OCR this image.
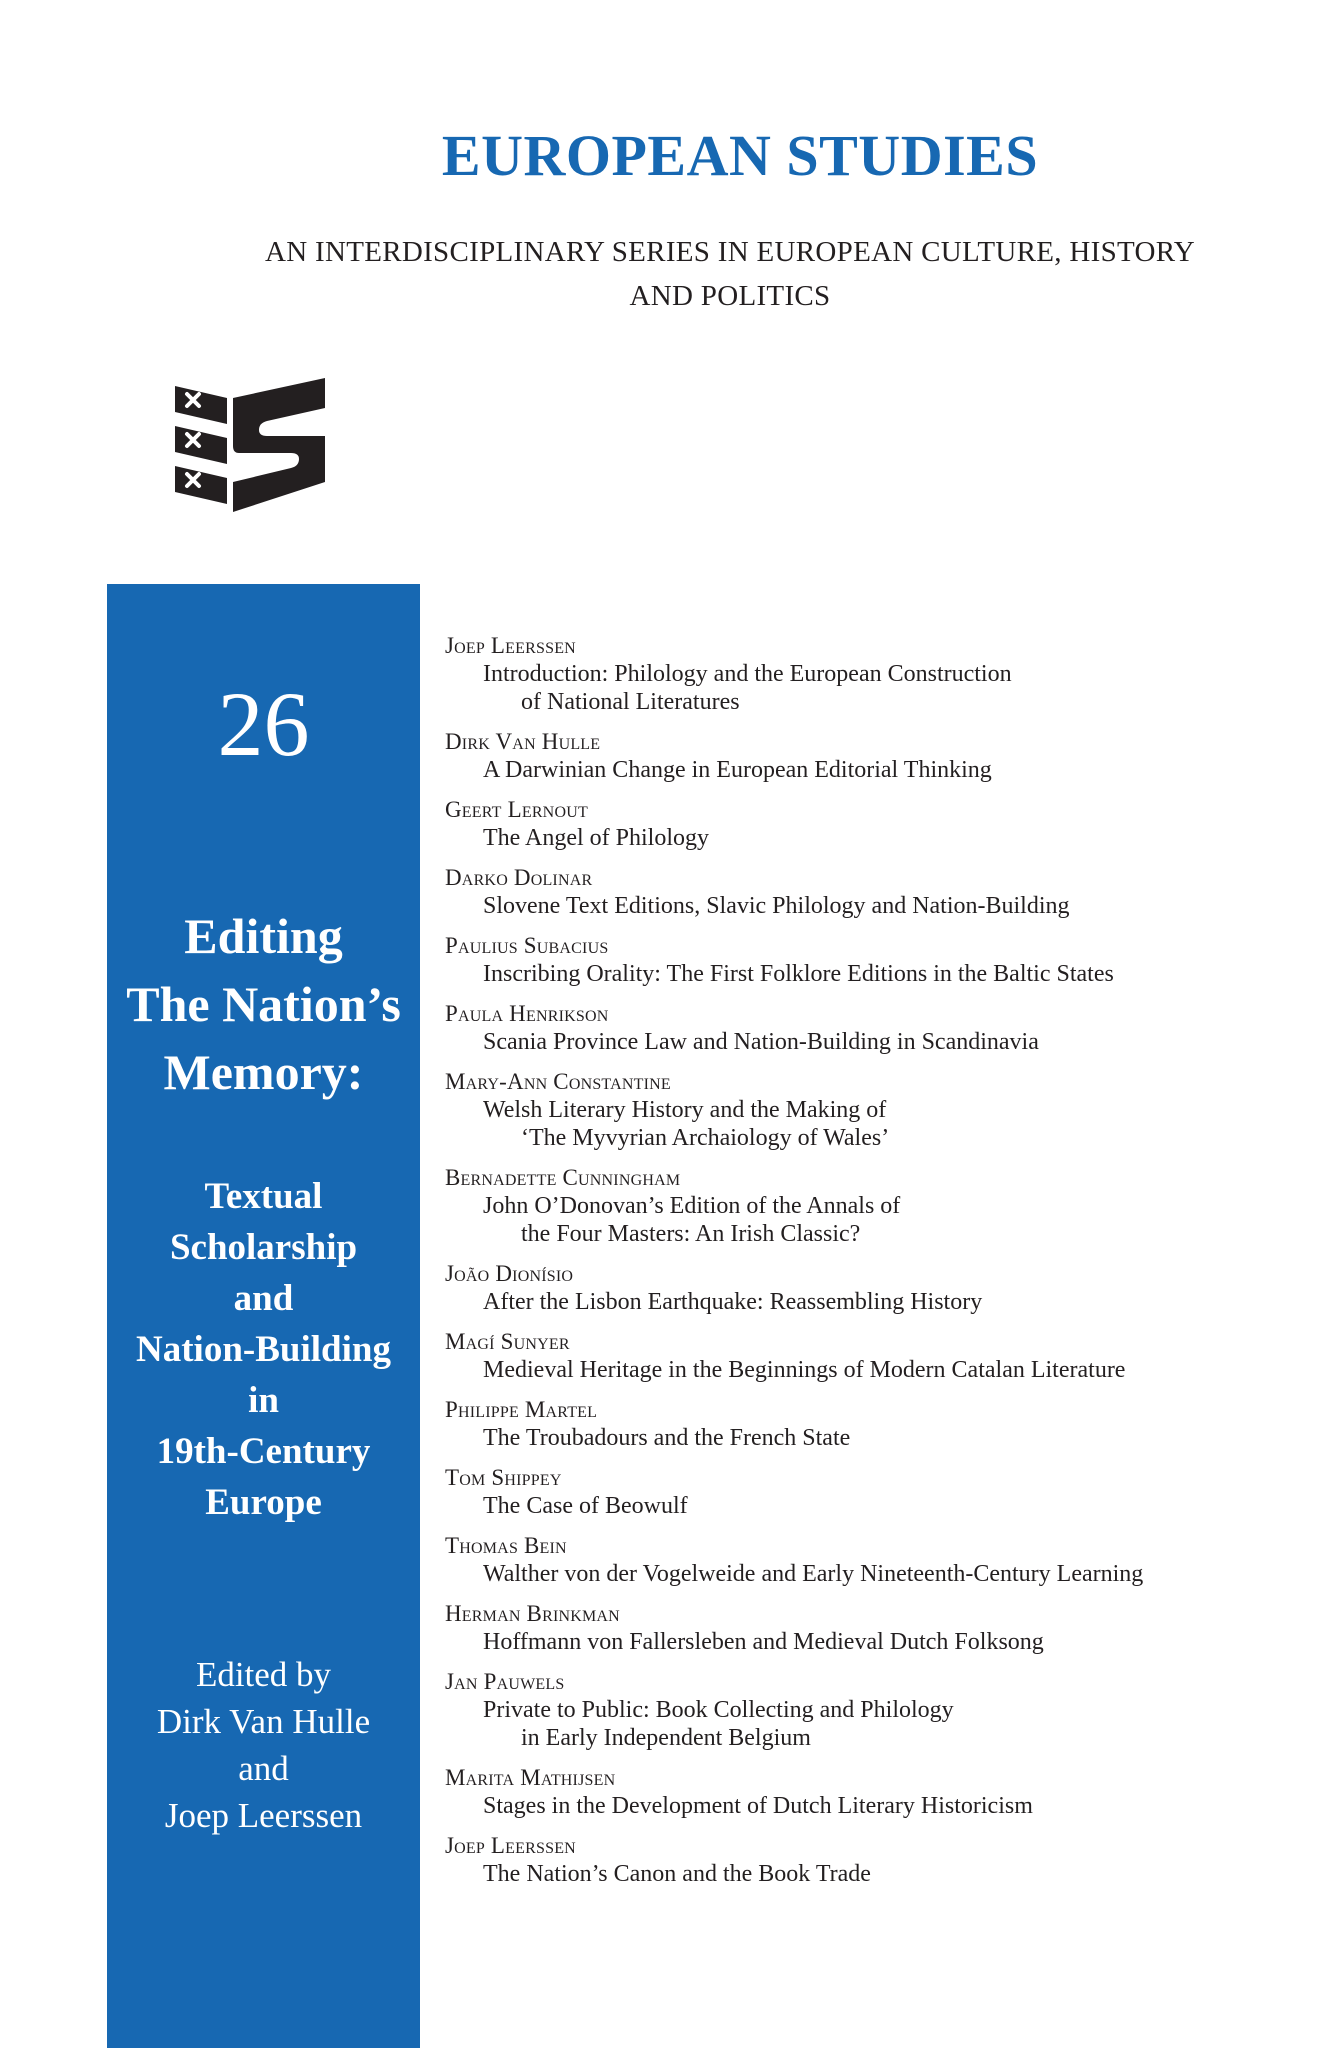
EUROPEAN STUDIES
AN INTERDISCIPLINARY SERIES IN EUROPEAN CULTURE, HISTORY
AND POLITICS
26
Editing
The Nation’s
Memory:
Textual
Scholarship
and
Nation-Building
in
19th-Century
Europe
Edited by
Dirk Van Hulle
and
Joep Leerssen
Joep Leerssen
Introduction: Philology and the European Construction
of National Literatures
Dirk Van Hulle
A Darwinian Change in European Editorial Thinking
Geert Lernout
The Angel of Philology
Darko Dolinar
Slovene Text Editions, Slavic Philology and Nation-Building
Paulius Subacius
Inscribing Orality: The First Folklore Editions in the Baltic States
Paula Henrikson
Scania Province Law and Nation-Building in Scandinavia
Mary-Ann Constantine
Welsh Literary History and the Making of
‘The Myvyrian Archaiology of Wales’
Bernadette Cunningham
John O’Donovan’s Edition of the Annals of
the Four Masters: An Irish Classic?
João Dionísio
After the Lisbon Earthquake: Reassembling History
Magí Sunyer
Medieval Heritage in the Beginnings of Modern Catalan Literature
Philippe Martel
The Troubadours and the French State
Tom Shippey
The Case of Beowulf
Thomas Bein
Walther von der Vogelweide and Early Nineteenth-Century Learning
Herman Brinkman
Hoffmann von Fallersleben and Medieval Dutch Folksong
Jan Pauwels
Private to Public: Book Collecting and Philology
in Early Independent Belgium
Marita Mathijsen
Stages in the Development of Dutch Literary Historicism
Joep Leerssen
The Nation’s Canon and the Book Trade
